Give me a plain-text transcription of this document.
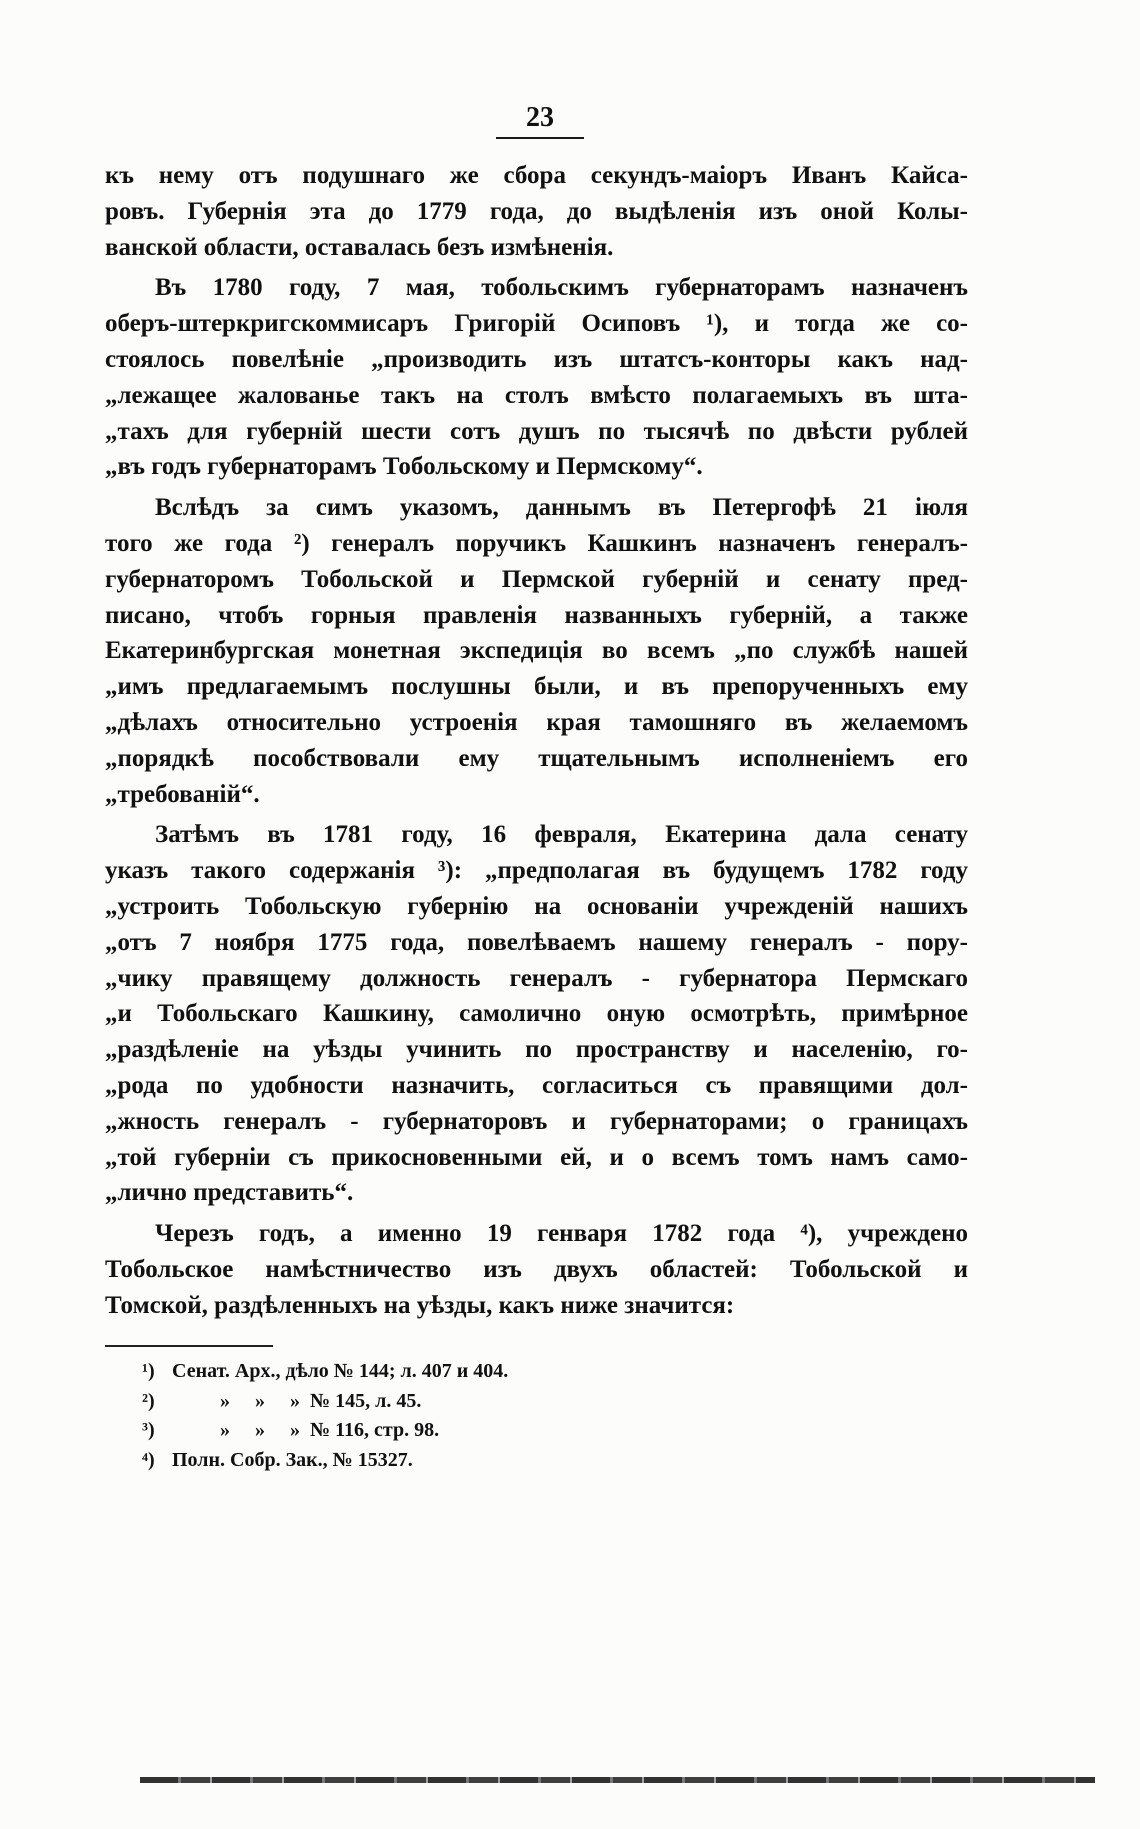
23
къ нему отъ подушнаго же сбора секундъ-маіоръ Иванъ Кайса-
ровъ. Губернія эта до 1779 года, до выдѣленія изъ оной Колы-
ванской области, оставалась безъ измѣненія.
Въ 1780 году, 7 мая, тобольскимъ губернаторамъ назначенъ
оберъ-штеркригскоммисаръ Григорій Осиповъ ¹), и тогда же со-
стоялось повелѣніе „производить изъ штатсъ-конторы какъ над-
„лежащее жалованье такъ на столъ вмѣсто полагаемыхъ въ шта-
„тахъ для губерній шести сотъ душъ по тысячѣ по двѣсти рублей
„въ годъ губернаторамъ Тобольскому и Пермскому“.
Вслѣдъ за симъ указомъ, даннымъ въ Петергофѣ 21 іюля
того же года ²) генералъ поручикъ Кашкинъ назначенъ генералъ-
губернаторомъ Тобольской и Пермской губерній и сенату пред-
писано, чтобъ горныя правленія названныхъ губерній, а также
Екатеринбургская монетная экспедиція во всемъ „по службѣ нашей
„имъ предлагаемымъ послушны были, и въ препорученныхъ ему
„дѣлахъ относительно устроенія края тамошняго въ желаемомъ
„порядкѣ пособствовали ему тщательнымъ исполненіемъ его
„требованій“.
Затѣмъ въ 1781 году, 16 февраля, Екатерина дала сенату
указъ такого содержанія ³): „предполагая въ будущемъ 1782 году
„устроить Тобольскую губернію на основаніи учрежденій нашихъ
„отъ 7 ноября 1775 года, повелѣваемъ нашему генералъ - пору-
„чику правящему должность генералъ - губернатора Пермскаго
„и Тобольскаго Кашкину, самолично оную осмотрѣть, примѣрное
„раздѣленіе на уѣзды учинить по пространству и населенію, го-
„рода по удобности назначить, согласиться съ правящими дол-
„жность генералъ - губернаторовъ и губернаторами; о границахъ
„той губерніи съ прикосновенными ей, и о всемъ томъ намъ само-
„лично представить“.
Черезъ годъ, а именно 19 генваря 1782 года ⁴), учреждено
Тобольское намѣстничество изъ двухъ областей: Тобольской и
Томской, раздѣленныхъ на уѣзды, какъ ниже значится:
¹) Сенат. Арх., дѣло № 144; л. 407 и 404.
²)	»     »     »  № 145, л. 45.
³)	»     »     »  № 116, стр. 98.
⁴) Полн. Собр. Зак., № 15327.
